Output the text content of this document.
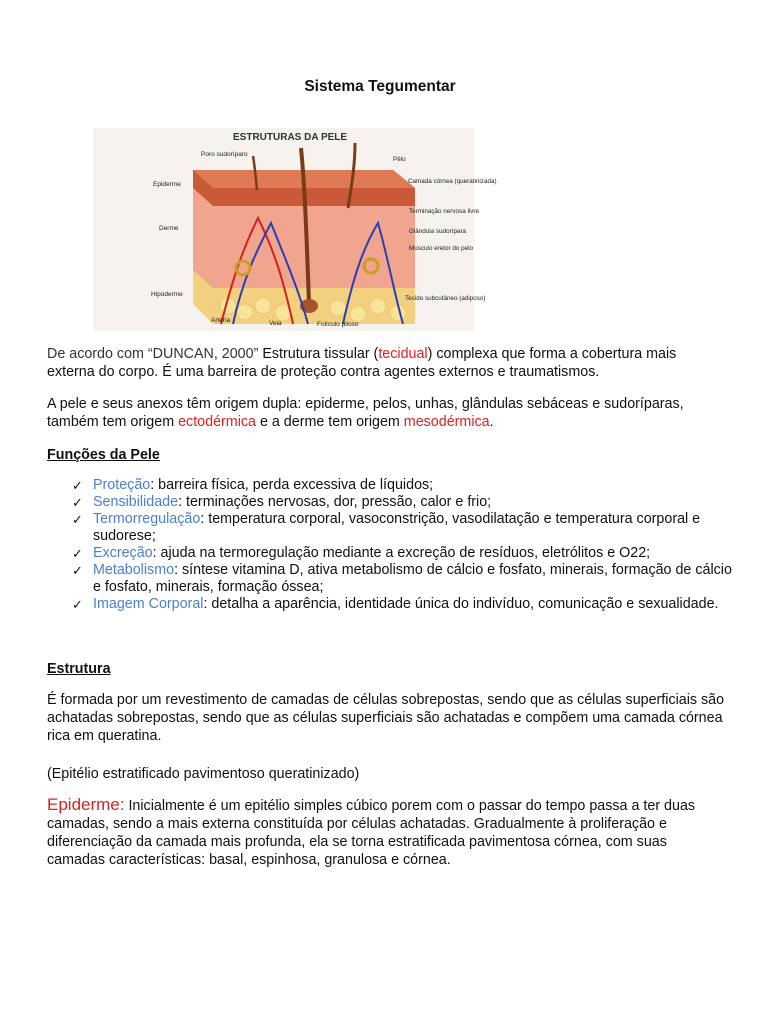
Sistema Tegumentar
ESTRUTURAS DA PELE
Poro sudoríparo
Epiderme
Derme
Hipoderme
Artéria	Veia	Folículo piloso
Pêlo
Camada córnea (queratinizada)
Terminação nervosa livre
Glândula sudorípara
Músculo eretor do pelo
Tecido subcutâneo (adiposo)
De acordo com “DUNCAN, 2000” Estrutura tissular (tecidual) complexa que forma a cobertura mais externa do corpo. É uma barreira de proteção contra agentes externos e traumatismos.
A pele e seus anexos têm origem dupla: epiderme, pelos, unhas, glândulas sebáceas e sudoríparas, também tem origem ectodérmica e a derme tem origem mesodérmica.
Funções da Pele

✓ Proteção: barreira física, perda excessiva de líquidos;

✓ Sensibilidade: terminações nervosas, dor, pressão, calor e frio;

✓ Termorregulação: temperatura corporal, vasoconstrição, vasodilatação e temperatura corporal e sudorese;

✓ Excreção: ajuda na termoregulação mediante a excreção de resíduos, eletrólitos e O22;

✓ Metabolismo: síntese vitamina D, ativa metabolismo de cálcio e fosfato, minerais, formação de cálcio e fosfato, minerais, formação óssea;

✓ Imagem Corporal: detalha a aparência, identidade única do indivíduo, comunicação e sexualidade.

Estrutura
É formada por um revestimento de camadas de células sobrepostas, sendo que as células superficiais são achatadas sobrepostas, sendo que as células superficiais são achatadas e compõem uma camada córnea rica em queratina.
(Epitélio estratificado pavimentoso queratinizado)
Epiderme: Inicialmente é um epitélio simples cúbico porem com o passar do tempo passa a ter duas camadas, sendo a mais externa constituída por células achatadas. Gradualmente à proliferação e diferenciação da camada mais profunda, ela se torna estratificada pavimentosa córnea, com suas camadas características: basal, espinhosa, granulosa e córnea.
